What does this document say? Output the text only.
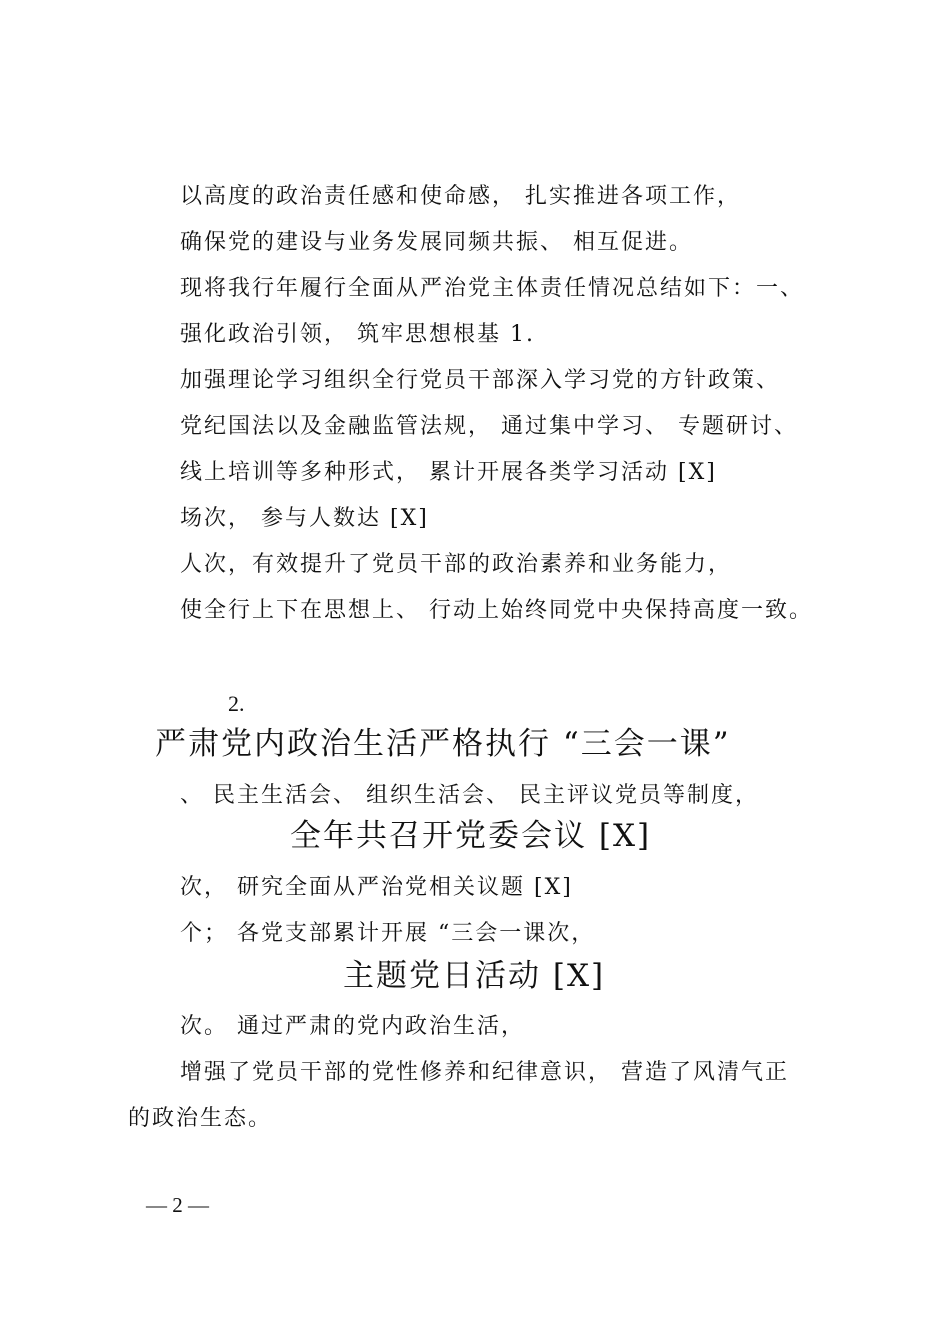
以高度的政治责任感和使命感， 扎实推进各项工作，
确保党的建设与业务发展同频共振、 相互促进。
现将我行年履行全面从严治党主体责任情况总结如下：一、
强化政治引领， 筑牢思想根基 1.
加强理论学习组织全行党员干部深入学习党的方针政策、
党纪国法以及金融监管法规， 通过集中学习、 专题研讨、
线上培训等多种形式， 累计开展各类学习活动 [X]
场次， 参与人数达 [X]
人次，有效提升了党员干部的政治素养和业务能力，
使全行上下在思想上、 行动上始终同党中央保持高度一致。
2.
严肃党内政治生活严格执行 “三会一课”
、 民主生活会、 组织生活会、 民主评议党员等制度，
全年共召开党委会议 [X]
次， 研究全面从严治党相关议题 [X]
个； 各党支部累计开展 “三会一课次，
主题党日活动 [X]
次。 通过严肃的党内政治生活，
增强了党员干部的党性修养和纪律意识， 营造了风清气正
的政治生态。
— 2 —
